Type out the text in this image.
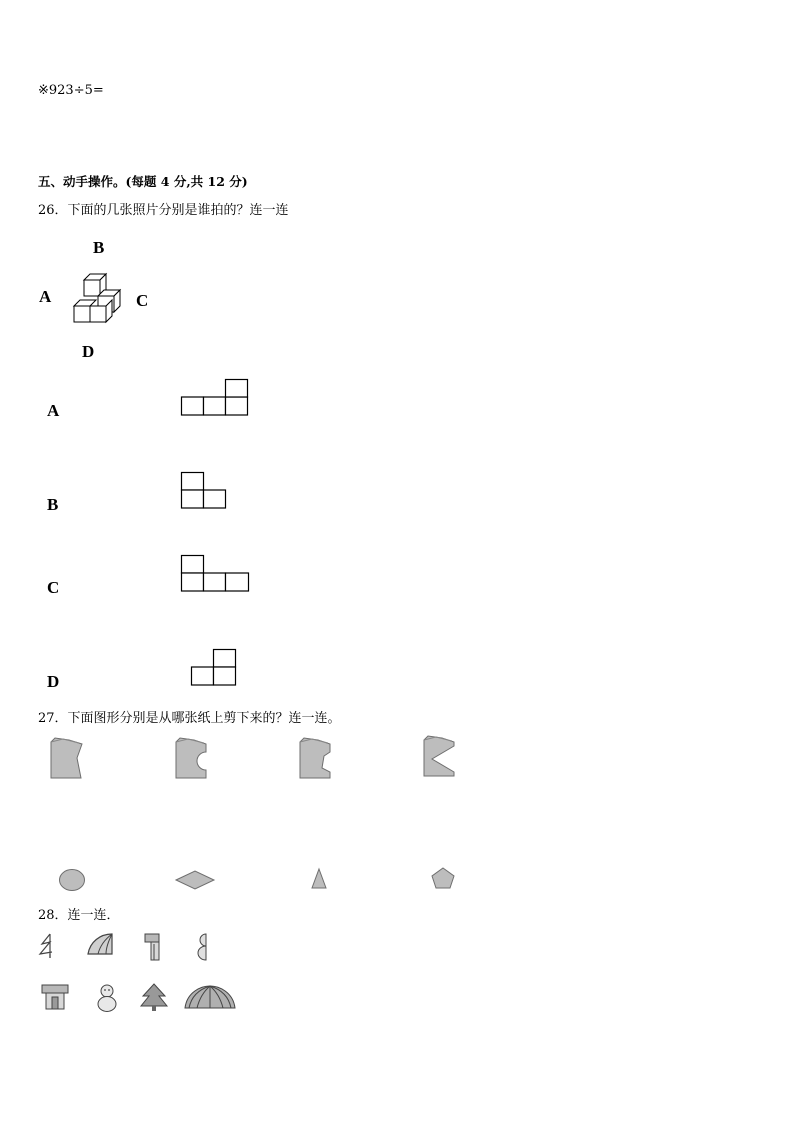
※923÷5=
五、动手操作。(每题 4 分,共 12 分)
26．下面的几张照片分别是谁拍的？连一连
B
A	C
D
A
B
C
D
27．下面图形分别是从哪张纸上剪下来的？连一连。
28．连一连．
